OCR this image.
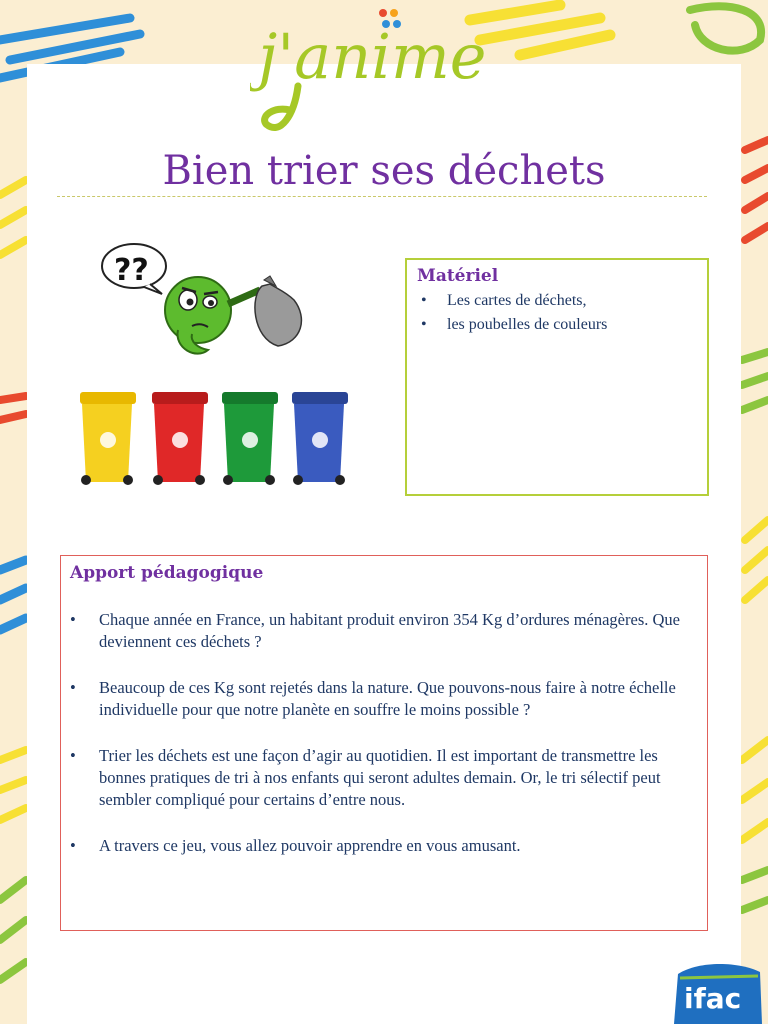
j'anime
Bien trier ses déchets
??	Matériel
• Les cartes de déchets,
• les poubelles de couleurs
Apport pédagogique
• Chaque année en France, un habitant produit environ 354 Kg d’ordures ménagères. Que deviennent ces déchets ?
• Beaucoup de ces Kg sont rejetés dans la nature. Que pouvons-nous faire à notre échelle individuelle pour que notre planète en souffre le moins possible ?
• Trier les déchets est une façon d’agir au quotidien. Il est important de transmettre les bonnes pratiques de tri à nos enfants qui seront adultes demain. Or, le tri sélectif peut sembler compliqué pour certains d’entre nous.
• A travers ce jeu, vous allez pouvoir apprendre en vous amusant.
ifac
